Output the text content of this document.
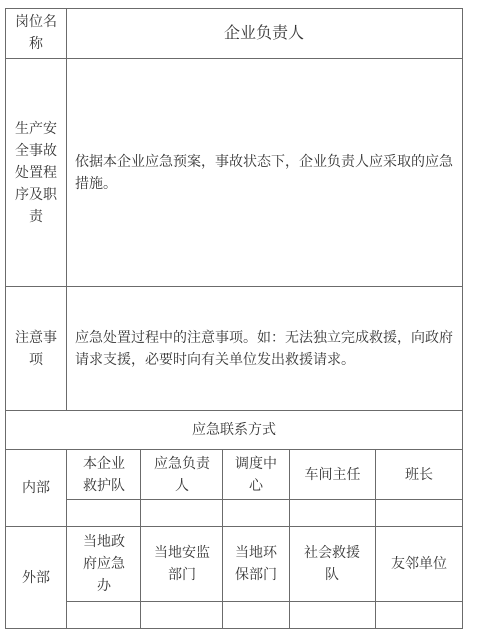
岗位名称
企业负责人
生产安全事故处置程序及职责
依据本企业应急预案，事故状态下，企业负责人应采取的应急措施。
注意事项
应急处置过程中的注意事项。如：无法独立完成救援，向政府请求支援，必要时向有关单位发出救援请求。
应急联系方式
内部
本企业救护队
应急负责人
调度中心
车间主任	班长
外部
当地政府应急办
当地安监部门
当地环保部门
社会救援队
友邻单位
